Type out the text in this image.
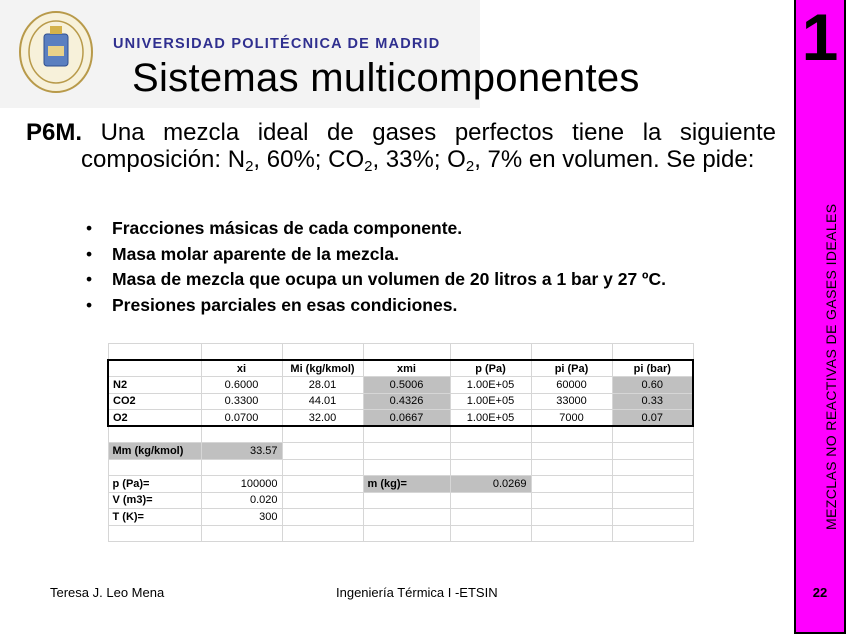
UNIVERSIDAD POLITÉCNICA DE MADRID
Sistemas multicomponentes
1
MEZCLAS NO REACTIVAS DE GASES IDEALES
22
P6M. Una mezcla ideal de gases perfectos tiene la siguiente composición: $N_2$, 60%; $CO_2$, 33%; $O_2$, 7% en volumen. Se pide:
• Fracciones másicas de cada componente.
• Masa molar aparente de la mezcla.
• Masa de mezcla que ocupa un volumen de 20 litros a 1 bar y 27 ºC.
• Presiones parciales en esas condiciones.

	xi	Mi (kg/kmol)	xmi	p (Pa)	pi (Pa)	pi (bar)
N2	0.6000	28.01	0.5006	1.00E+05	60000	0.60
CO2	0.3300	44.01	0.4326	1.00E+05	33000	0.33
O2	0.0700	32.00	0.0667	1.00E+05	7000	0.07

Mm (kg/kmol)	33.57					

p (Pa)=	100000		m (kg)=	0.0269		
V (m3)=	0.020					
T (K)=	300					

Teresa J. Leo Mena	Ingeniería Térmica I -ETSIN
